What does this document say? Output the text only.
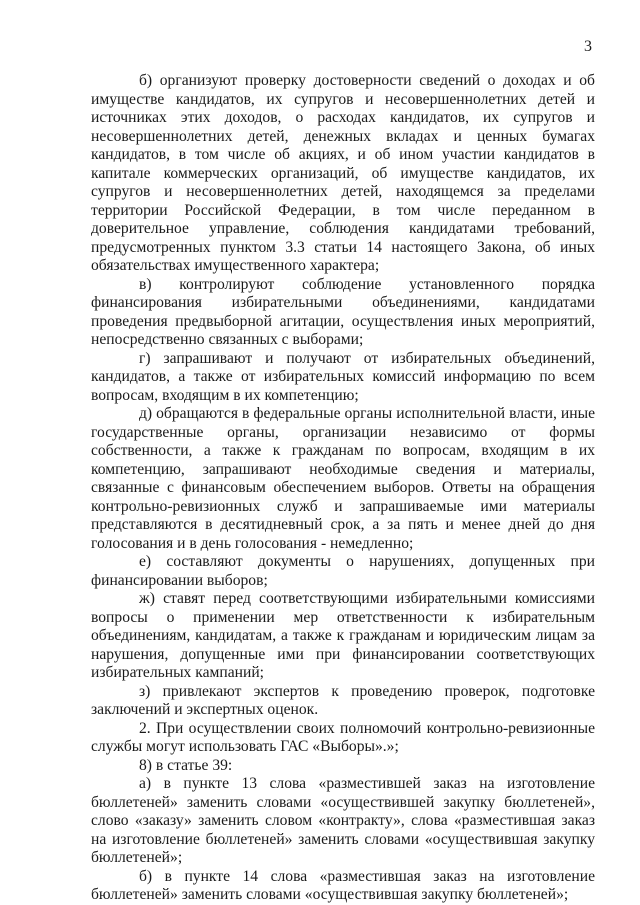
3

б) организуют проверку достоверности сведений о доходах и об имуществе кандидатов, их супругов и несовершеннолетних детей и источниках этих доходов, о расходах кандидатов, их супругов и несовершеннолетних детей, денежных вкладах и ценных бумагах кандидатов, в том числе об акциях, и об ином участии кандидатов в капитале коммерческих организаций, об имуществе кандидатов, их супругов и несовершеннолетних детей, находящемся за пределами территории Российской Федерации, в том числе переданном в доверительное управление, соблюдения кандидатами требований, предусмотренных пунктом 3.3 статьи 14 настоящего Закона, об иных обязательствах имущественного характера;

в) контролируют соблюдение установленного порядка финансирования избирательными объединениями, кандидатами проведения предвыборной агитации, осуществления иных мероприятий, непосредственно связанных с выборами;

г) запрашивают и получают от избирательных объединений, кандидатов, а также от избирательных комиссий информацию по всем вопросам, входящим в их компетенцию;

д) обращаются в федеральные органы исполнительной власти, иные государственные органы, организации независимо от формы собственности, а также к гражданам по вопросам, входящим в их компетенцию, запрашивают необходимые сведения и материалы, связанные с финансовым обеспечением выборов. Ответы на обращения контрольно-ревизионных служб и запрашиваемые ими материалы представляются в десятидневный срок, а за пять и менее дней до дня голосования и в день голосования - немедленно;

е) составляют документы о нарушениях, допущенных при финансировании выборов;

ж) ставят перед соответствующими избирательными комиссиями вопросы о применении мер ответственности к избирательным объединениям, кандидатам, а также к гражданам и юридическим лицам за нарушения, допущенные ими при финансировании соответствующих избирательных кампаний;

з) привлекают экспертов к проведению проверок, подготовке заключений и экспертных оценок.

2. При осуществлении своих полномочий контрольно-ревизионные службы могут использовать ГАС «Выборы».»;

8) в статье 39:

а) в пункте 13 слова «разместившей заказ на изготовление бюллетеней» заменить словами «осуществившей закупку бюллетеней», слово «заказу» заменить словом «контракту», слова «разместившая заказ на изготовление бюллетеней» заменить словами «осуществившая закупку бюллетеней»;

б) в пункте 14 слова «разместившая заказ на изготовление бюллетеней» заменить словами «осуществившая закупку бюллетеней»;
